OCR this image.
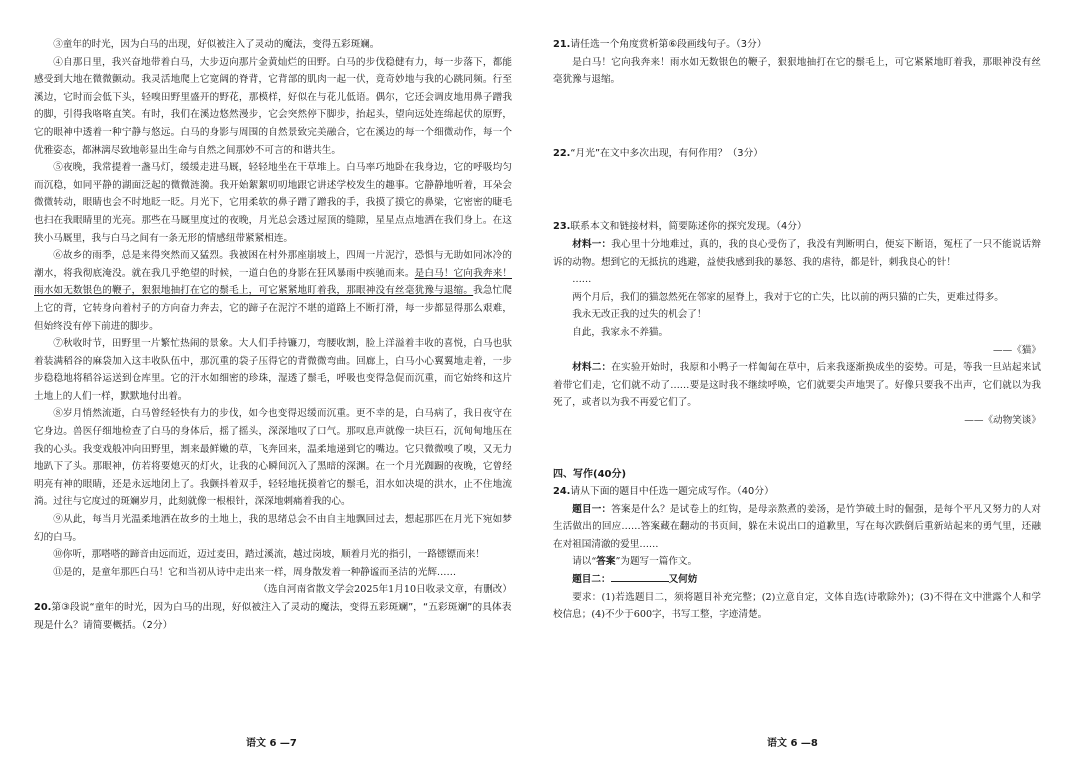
③童年的时光，因为白马的出现，好似被注入了灵动的魔法，变得五彩斑斓。

④自那日里，我兴奋地带着白马，大步迈向那片金黄灿烂的田野。白马的步伐稳健有力，每一步落下，都能感受到大地在微微颤动。我灵活地爬上它宽阔的脊背，它背部的肌肉一起一伏，竟奇妙地与我的心跳同频。行至溪边，它时而会低下头，轻嗅田野里盛开的野花，那模样，好似在与花儿低语。偶尔，它还会调皮地用鼻子蹭我的脚，引得我咯咯直笑。有时，我们在溪边悠然漫步，它会突然停下脚步，抬起头，望向远处连绵起伏的原野，它的眼神中透着一种宁静与悠远。白马的身影与周围的自然景致完美融合，它在溪边的每一个细微动作，每一个优雅姿态，都淋漓尽致地彰显出生命与自然之间那妙不可言的和谐共生。

⑤夜晚，我常提着一盏马灯，缓缓走进马厩，轻轻地坐在干草堆上。白马率巧地卧在我身边，它的呼吸均匀而沉稳，如同平静的湖面泛起的微微涟漪。我开始絮絮叨叨地跟它讲述学校发生的趣事。它静静地听着，耳朵会微微转动，眼睛也会不时地眨一眨。月光下，它用柔软的鼻子蹭了蹭我的手，我摸了摸它的鼻梁，它密密的睫毛也扫在我眼睛里的光亮。那些在马厩里度过的夜晚，月光总会透过屋顶的缝隙，星星点点地洒在我们身上。在这狭小马厩里，我与白马之间有一条无形的情感纽带紧紧相连。

⑥故乡的雨季，总是来得突然而又猛烈。我被困在村外那座崩坡上，四周一片泥泞，恐惧与无助如同冰冷的潮水，将我彻底淹没。就在我几乎绝望的时候，一道白色的身影在狂风暴雨中疾驰而来。是白马！它向我奔来！雨水如无数银色的鞭子，狠狠地抽打在它的鬃毛上，可它紧紧地盯着我，那眼神没有丝毫犹豫与退缩。我急忙爬上它的背，它转身向着村子的方向奋力奔去，它的蹄子在泥泞不堪的道路上不断打滑，每一步都显得那么艰难，但始终没有停下前进的脚步。

⑦秋收时节，田野里一片繁忙热闹的景象。大人们手持镰刀，弯腰收割，脸上洋溢着丰收的喜悦，白马也驮着装满稻谷的麻袋加入这丰收队伍中，那沉重的袋子压得它的背微微弯曲。回廊上，白马小心翼翼地走着，一步步稳稳地将稻谷运送到仓库里。它的汗水如细密的珍珠，湿透了鬃毛，呼吸也变得急促而沉重，而它始终和这片土地上的人们一样，默默地付出着。

⑧岁月悄然流逝，白马曾经轻快有力的步伐，如今也变得迟缓而沉重。更不幸的是，白马病了，我日夜守在它身边。兽医仔细地检查了白马的身体后，摇了摇头，深深地叹了口气。那叹息声就像一块巨石，沉甸甸地压在我的心头。我变戏般冲向田野里，割来最鲜嫩的草，飞奔回来，温柔地递到它的嘴边。它只微微嗅了嗅，又无力地趴下了头。那眼神，仿若将要熄灭的灯火，让我的心瞬间沉入了黑暗的深渊。在一个月光踟蹰的夜晚，它曾经明亮有神的眼睛，还是永远地闭上了。我颤抖着双手，轻轻地抚摸着它的鬃毛，泪水如决堤的洪水，止不住地流淌。过往与它度过的斑斓岁月，此刻就像一根根针，深深地刺痛着我的心。

⑨从此，每当月光温柔地洒在故乡的土地上，我的思绪总会不由自主地飘回过去，想起那匹在月光下宛如梦幻的白马。

⑩你听，那嗒嗒的蹄音由远而近，迈过麦田，踏过溪流，越过岗坡，顺着月光的指引，一路镖镖而来！

⑪是的，是童年那匹白马！它和当初从诗中走出来一样，周身散发着一种静谧而圣洁的光辉……

（选自河南省散文学会2025年1月10日收录文章，有删改）

20.第③段说“童年的时光，因为白马的出现，好似被注入了灵动的魔法，变得五彩斑斓”，“五彩斑斓”的具体表现是什么？请简要概括。（2分）
21.请任选一个角度赏析第⑥段画线句子。（3分）

是白马！它向我奔来！雨水如无数银色的鞭子，狠狠地抽打在它的鬃毛上，可它紧紧地盯着我，那眼神没有丝毫犹豫与退缩。

22.“月光”在文中多次出现，有何作用？（3分）
23.联系本文和链接材料，简要陈述你的探究发现。（4分）

材料一：我心里十分地难过，真的，我的良心受伤了，我没有判断明白，便妄下断语，冤枉了一只不能说话辩诉的动物。想到它的无抵抗的逃避，益使我感到我的暴怒、我的虐待，都是针，刺我良心的针！

……

两个月后，我们的猫忽然死在邻家的屋脊上，我对于它的亡失，比以前的两只猫的亡失，更难过得多。

我永无改正我的过失的机会了！

自此，我家永不养猫。

——《猫》

材料二：在实验开始时，我原和小鸭子一样匍匐在草中，后来我逐渐换成坐的姿势。可是，等我一旦站起来试着带它们走，它们就不动了……要是这时我不继续呼唤，它们就要尖声地哭了。好像只要我不出声，它们就以为我死了，或者以为我不再爱它们了。

——《动物笑谈》

四、写作(40分)
24.请从下面的题目中任选一题完成写作。（40分）

题目一：答案是什么？是试卷上的红钩，是母亲熬煮的姜汤，是竹笋破土时的倔强，是每个平凡又努力的人对生活做出的回应……答案藏在翻动的书页间，躲在未说出口的道歉里，写在每次跌倒后重新站起来的勇气里，还融在对祖国清澈的爱里……

请以“答案”为题写一篇作文。

题目二：	又何妨

要求：(1)若选题目二，须将题目补充完整；(2)立意自定，文体自选(诗歌除外)；(3)不得在文中泄露个人和学校信息；(4)不少于600字，书写工整，字迹清楚。

语文 6 —7	语文 6 —8
